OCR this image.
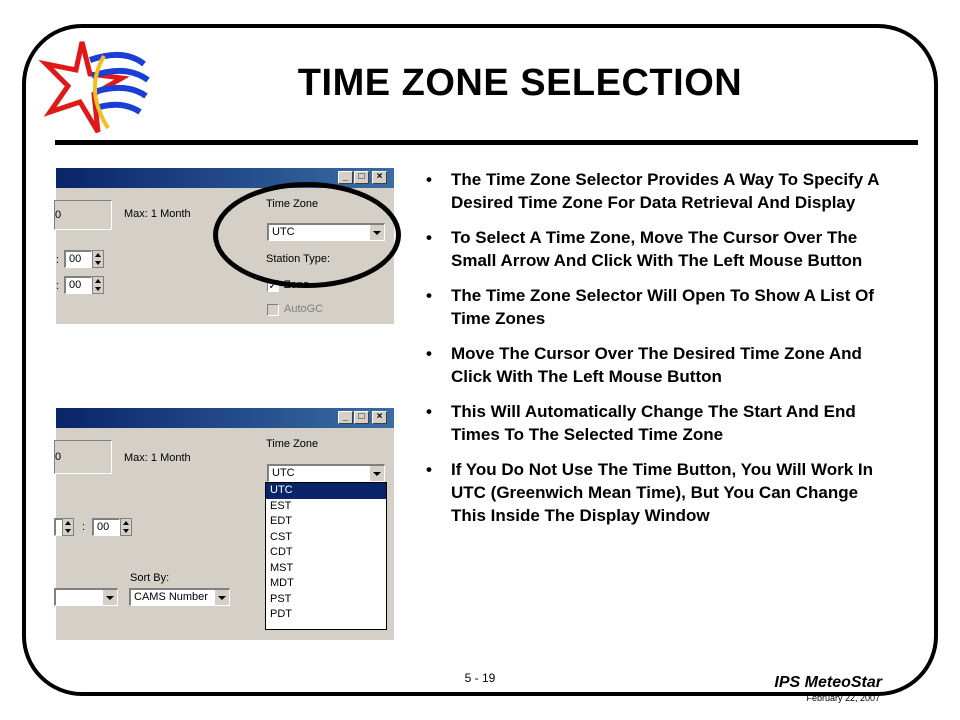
TIME ZONE SELECTION
_	□	×
0	Max: 1 Month
Time Zone
UTC
Station Type:
: 00
: 00	✓ Zeno
AutoGC
_	□	×
0	Max: 1 Month
Time Zone
UTC
:	00
Sort By:
CAMS Number
UTC
EST
EDT
CST
CDT
MST
MDT
PST
PDT
• The Time Zone Selector Provides A Way To Specify A Desired Time Zone For Data Retrieval And Display
• To Select A Time Zone, Move The Cursor Over The Small Arrow And Click With The Left Mouse Button
• The Time Zone Selector Will Open To Show A List Of Time Zones
• Move The Cursor Over The Desired Time Zone And Click With The Left Mouse Button
• This Will Automatically Change The Start And End Times To The Selected Time Zone
• If You Do Not Use The Time Button, You Will Work In UTC (Greenwich Mean Time), But You Can Change This Inside The Display Window
5 - 19	IPS MeteoStar
February 22, 2007
